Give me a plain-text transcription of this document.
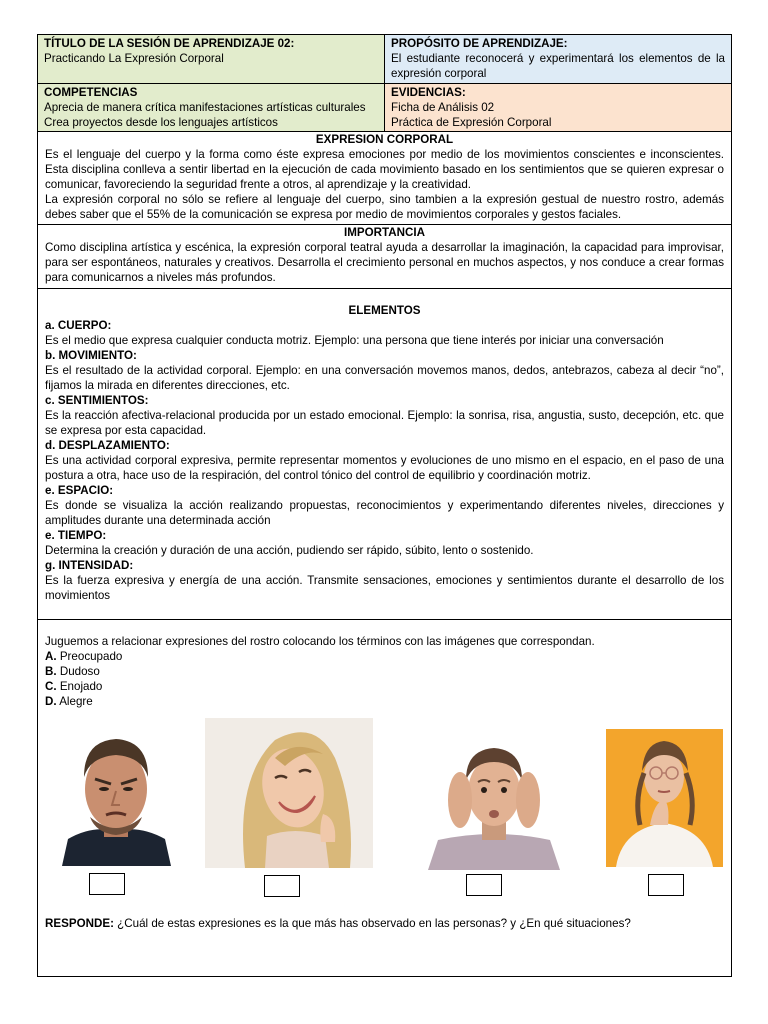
TÍTULO DE LA SESIÓN DE APRENDIZAJE 02:
Practicando La Expresión Corporal
PROPÓSITO DE APRENDIZAJE:
El estudiante reconocerá y experimentará los elementos de la expresión corporal
COMPETENCIAS
Aprecia de manera crítica manifestaciones artísticas culturales
Crea proyectos desde los lenguajes artísticos
EVIDENCIAS:
Ficha de Análisis 02
Práctica de Expresión Corporal
EXPRESION CORPORAL
Es el lenguaje del cuerpo y la forma como éste expresa emociones por medio de los movimientos conscientes e inconscientes. Esta disciplina conlleva a sentir libertad en la ejecución de cada movimiento basado en los sentimientos que se quieren expresar o comunicar, favoreciendo la seguridad frente a otros, al aprendizaje y la creatividad.
La expresión corporal no sólo se refiere al lenguaje del cuerpo, sino tambien a la expresión gestual de nuestro rostro, además debes saber que el 55% de la comunicación se expresa por medio de movimientos corporales y gestos faciales.
IMPORTANCIA
Como disciplina artística y escénica, la expresión corporal teatral ayuda a desarrollar la imaginación, la capacidad para improvisar, para ser espontáneos, naturales y creativos. Desarrolla el crecimiento personal en muchos aspectos, y nos conduce a crear formas para comunicarnos a niveles más profundos.
ELEMENTOS
a. CUERPO:
Es el medio que expresa cualquier conducta motriz. Ejemplo: una persona que tiene interés por iniciar una conversación
b. MOVIMIENTO:
Es el resultado de la actividad corporal. Ejemplo: en una conversación movemos manos, dedos, antebrazos, cabeza al decir “no”, fijamos la mirada en diferentes direcciones, etc.
c. SENTIMIENTOS:
Es la reacción afectiva-relacional producida por un estado emocional. Ejemplo: la sonrisa, risa, angustia, susto, decepción, etc. que se expresa por esta capacidad.
d. DESPLAZAMIENTO:
Es una actividad corporal expresiva, permite representar momentos y evoluciones de uno mismo en el espacio, en el paso de una postura a otra, hace uso de la respiración, del control tónico del control de equilibrio y coordinación motriz.
e. ESPACIO:
Es donde se visualiza la acción realizando propuestas, reconocimientos y experimentando diferentes niveles, direcciones y amplitudes durante una determinada acción
e. TIEMPO:
Determina la creación y duración de una acción, pudiendo ser rápido, súbito, lento o sostenido.
g. INTENSIDAD:
Es la fuerza expresiva y energía de una acción. Transmite sensaciones, emociones y sentimientos durante el desarrollo de los movimientos
Juguemos a relacionar expresiones del rostro colocando los términos con las imágenes que correspondan.
A. Preocupado
B. Dudoso
C. Enojado
D. Alegre
RESPONDE: ¿Cuál de estas expresiones es la que más has observado en las personas? y ¿En qué situaciones?
